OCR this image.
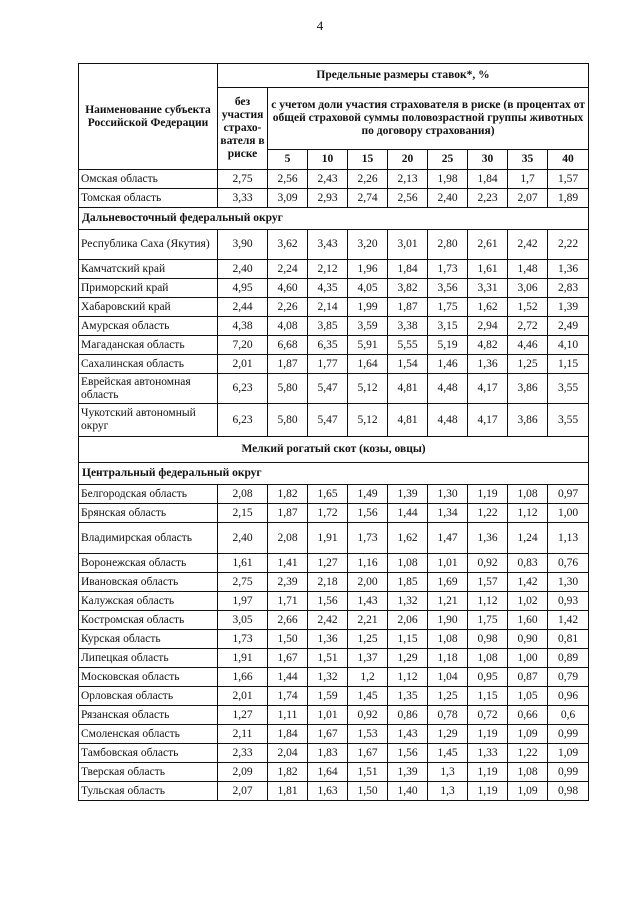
4
Наименование субъекта Российской Федерации	Предельные размеры ставок*, %								
	без участия страхо-вателя в риске	с учетом доли участия страхователя в риске (в процентах от общей страховой суммы половозрастной группы животных по договору страхования)							
		5	10	15	20	25	30	35	40
Омская область	2,75	2,56	2,43	2,26	2,13	1,98	1,84	1,7	1,57
Томская область	3,33	3,09	2,93	2,74	2,56	2,40	2,23	2,07	1,89
Дальневосточный федеральный округ									
Республика Саха (Якутия)	3,90	3,62	3,43	3,20	3,01	2,80	2,61	2,42	2,22
Камчатский край	2,40	2,24	2,12	1,96	1,84	1,73	1,61	1,48	1,36
Приморский край	4,95	4,60	4,35	4,05	3,82	3,56	3,31	3,06	2,83
Хабаровский край	2,44	2,26	2,14	1,99	1,87	1,75	1,62	1,52	1,39
Амурская область	4,38	4,08	3,85	3,59	3,38	3,15	2,94	2,72	2,49
Магаданская область	7,20	6,68	6,35	5,91	5,55	5,19	4,82	4,46	4,10
Сахалинская область	2,01	1,87	1,77	1,64	1,54	1,46	1,36	1,25	1,15
Еврейская автономная область	6,23	5,80	5,47	5,12	4,81	4,48	4,17	3,86	3,55
Чукотский автономный округ	6,23	5,80	5,47	5,12	4,81	4,48	4,17	3,86	3,55
Мелкий рогатый скот (козы, овцы)									
Центральный федеральный округ									
Белгородская область	2,08	1,82	1,65	1,49	1,39	1,30	1,19	1,08	0,97
Брянская область	2,15	1,87	1,72	1,56	1,44	1,34	1,22	1,12	1,00
Владимирская область	2,40	2,08	1,91	1,73	1,62	1,47	1,36	1,24	1,13
Воронежская область	1,61	1,41	1,27	1,16	1,08	1,01	0,92	0,83	0,76
Ивановская область	2,75	2,39	2,18	2,00	1,85	1,69	1,57	1,42	1,30
Калужская область	1,97	1,71	1,56	1,43	1,32	1,21	1,12	1,02	0,93
Костромская область	3,05	2,66	2,42	2,21	2,06	1,90	1,75	1,60	1,42
Курская область	1,73	1,50	1,36	1,25	1,15	1,08	0,98	0,90	0,81
Липецкая область	1,91	1,67	1,51	1,37	1,29	1,18	1,08	1,00	0,89
Московская область	1,66	1,44	1,32	1,2	1,12	1,04	0,95	0,87	0,79
Орловская область	2,01	1,74	1,59	1,45	1,35	1,25	1,15	1,05	0,96
Рязанская область	1,27	1,11	1,01	0,92	0,86	0,78	0,72	0,66	0,6
Смоленская область	2,11	1,84	1,67	1,53	1,43	1,29	1,19	1,09	0,99
Тамбовская область	2,33	2,04	1,83	1,67	1,56	1,45	1,33	1,22	1,09
Тверская область	2,09	1,82	1,64	1,51	1,39	1,3	1,19	1,08	0,99
Тульская область	2,07	1,81	1,63	1,50	1,40	1,3	1,19	1,09	0,98
